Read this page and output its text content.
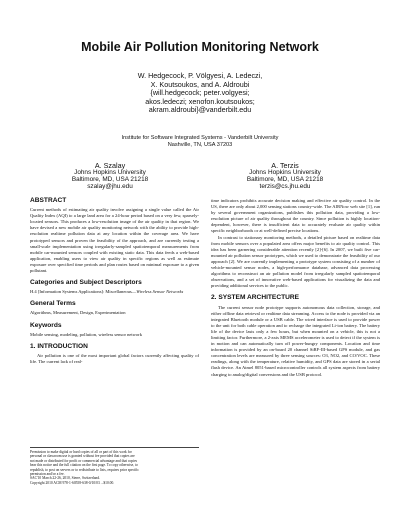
Mobile Air Pollution Monitoring Network
W. Hedgecock, P. Völgyesi, A. Ledeczi,
X. Koutsoukos, and A. Aldroubi
{will.hedgecock; peter.volgyesi;
akos.ledeczi; xenofon.koutsoukos;
akram.aldroubi}@vanderbilt.edu
Institute for Software Integrated Systems - Vanderbilt University
Nashville, TN, USA 37203
A. Szalay
Johns Hopkins University
Baltimore, MD, USA 21218
szalay@jhu.edu
A. Terzis
Johns Hopkins University
Baltimore, MD, USA 21218
terzis@cs.jhu.edu
ABSTRACT

Current methods of estimating air quality involve assigning a single value called the Air Quality Index (AQI) to a large land area for a 24-hour period based on a very few, sparsely-located sensors. This produces a low-resolution image of the air quality in that region. We have devised a new mobile air quality monitoring network with the ability to provide high-resolution realtime pollution data at any location within the coverage area. We have prototyped sensors and proven the feasibility of the approach, and are currently testing a small-scale implementation using irregularly-sampled spatiotemporal measurements from mobile car-mounted sensors coupled with existing static data. This data feeds a web-based application, enabling users to view air quality in specific regions as well as estimate exposure over specified time periods and plan routes based on minimal exposure to a given pollutant.

Categories and Subject Descriptors

H.4 [Information Systems Applications]: Miscellaneous—Wireless Sensor Networks

General Terms

Algorithms, Measurement, Design, Experimentation

Keywords

Mobile sensing, modeling, pollution, wireless sensor network

1. INTRODUCTION

Air pollution is one of the most important global factors currently affecting quality of life. The current lack of real-

Permission to make digital or hard copies of all or part of this work for
personal or classroom use is granted without fee provided that copies are
not made or distributed for profit or commercial advantage and that copies
bear this notice and the full citation on the first page. To copy otherwise, to
republish, to post on servers or to redistribute to lists, requires prior specific
permission and/or a fee.
SAC'10 March 22-26, 2010, Sierre, Switzerland.
Copyright 2010 ACM 978-1-60558-638-0/10/03 ...$10.00.

time indicators prohibits accurate decision making and effective air quality control. In the US, there are only about 2,000 sensing stations country-wide. The AIRNow web site [1], run by several government organizations, publishes this pollution data, providing a low-resolution picture of air quality throughout the country. Since pollution is highly location-dependent, however, there is insufficient data to accurately evaluate air quality within specific neighborhoods or at well-defined precise locations.

In contrast to stationary monitoring methods, a detailed picture based on realtime data from mobile sensors over a populated area offers major benefits to air quality control. This idea has been garnering considerable attention recently [2]-[6]. In 2007, we built five car-mounted air pollution sensor prototypes, which we used to demonstrate the feasibility of our approach [2]. We are currently implementing a prototype system consisting of a number of vehicle-mounted sensor nodes, a high-performance database, advanced data processing algorithms to reconstruct an air pollution model from irregularly sampled spatiotemporal observations, and a set of innovative web-based applications for visualizing the data and providing additional services to the public.

2. SYSTEM ARCHITECTURE

The current sensor node prototype supports autonomous data collection, storage, and either offline data retrieval or realtime data streaming. Access to the node is provided via an integrated Bluetooth module or a USB cable. The wired interface is used to provide power to the unit for both cable operation and to recharge the integrated Li-ion battery. The battery life of the device lasts only a few hours, but when mounted on a vehicle, this is not a limiting factor. Furthermore, a 2-axis MEMS accelerometer is used to detect if the system is in motion and can automatically turn off power-hungry components. Location and time information is provided by an on-board 20 channel SiRF-III-based GPS module, and gas concentration levels are measured by three sensing sources: O3, NO2, and CO/VOC. These readings, along with the temperature, relative humidity, and GPS data are stored in a serial flash device. An Atmel 8051-based microcontroller controls all system aspects from battery charging to analog/digital conversions and the USB protocol.
